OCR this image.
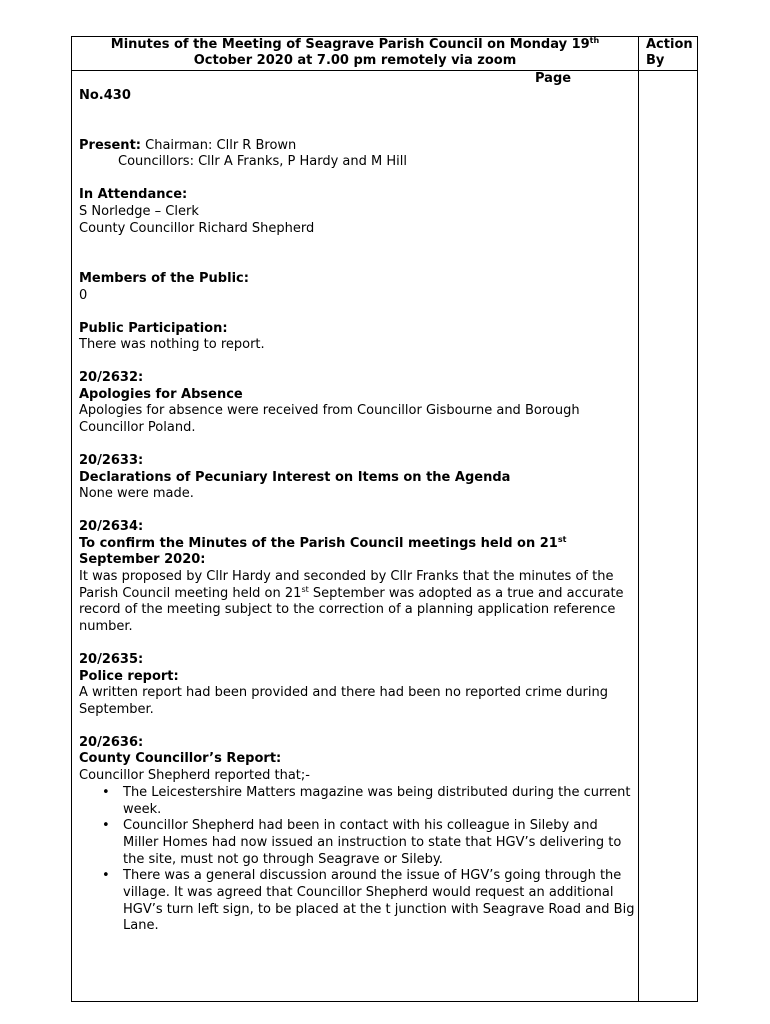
Minutes of the Meeting of Seagrave Parish Council on Monday 19th
October 2020 at 7.00 pm remotely via zoom
Action By
Page

No.430

Present: Chairman: Cllr R Brown

Councillors: Cllr A Franks, P Hardy and M Hill

In Attendance:

S Norledge – Clerk

County Councillor Richard Shepherd

Members of the Public:

0

Public Participation:

There was nothing to report.

20/2632:

Apologies for Absence

Apologies for absence were received from Councillor Gisbourne and Borough Councillor Poland.

20/2633:

Declarations of Pecuniary Interest on Items on the Agenda

None were made.

20/2634:

To confirm the Minutes of the Parish Council meetings held on 21st
September 2020:

It was proposed by Cllr Hardy and seconded by Cllr Franks that the minutes of the Parish Council meeting held on 21st September was adopted as a true and accurate record of the meeting subject to the correction of a planning application reference number.

20/2635:

Police report:

A written report had been provided and there had been no reported crime during September.

20/2636:

County Councillor’s Report:

Councillor Shepherd reported that;-

• The Leicestershire Matters magazine was being distributed during the current week.
• Councillor Shepherd had been in contact with his colleague in Sileby and Miller Homes had now issued an instruction to state that HGV’s delivering to the site, must not go through Seagrave or Sileby.
• There was a general discussion around the issue of HGV’s going through the village. It was agreed that Councillor Shepherd would request an additional HGV’s turn left sign, to be placed at the t junction with Seagrave Road and Big Lane.
